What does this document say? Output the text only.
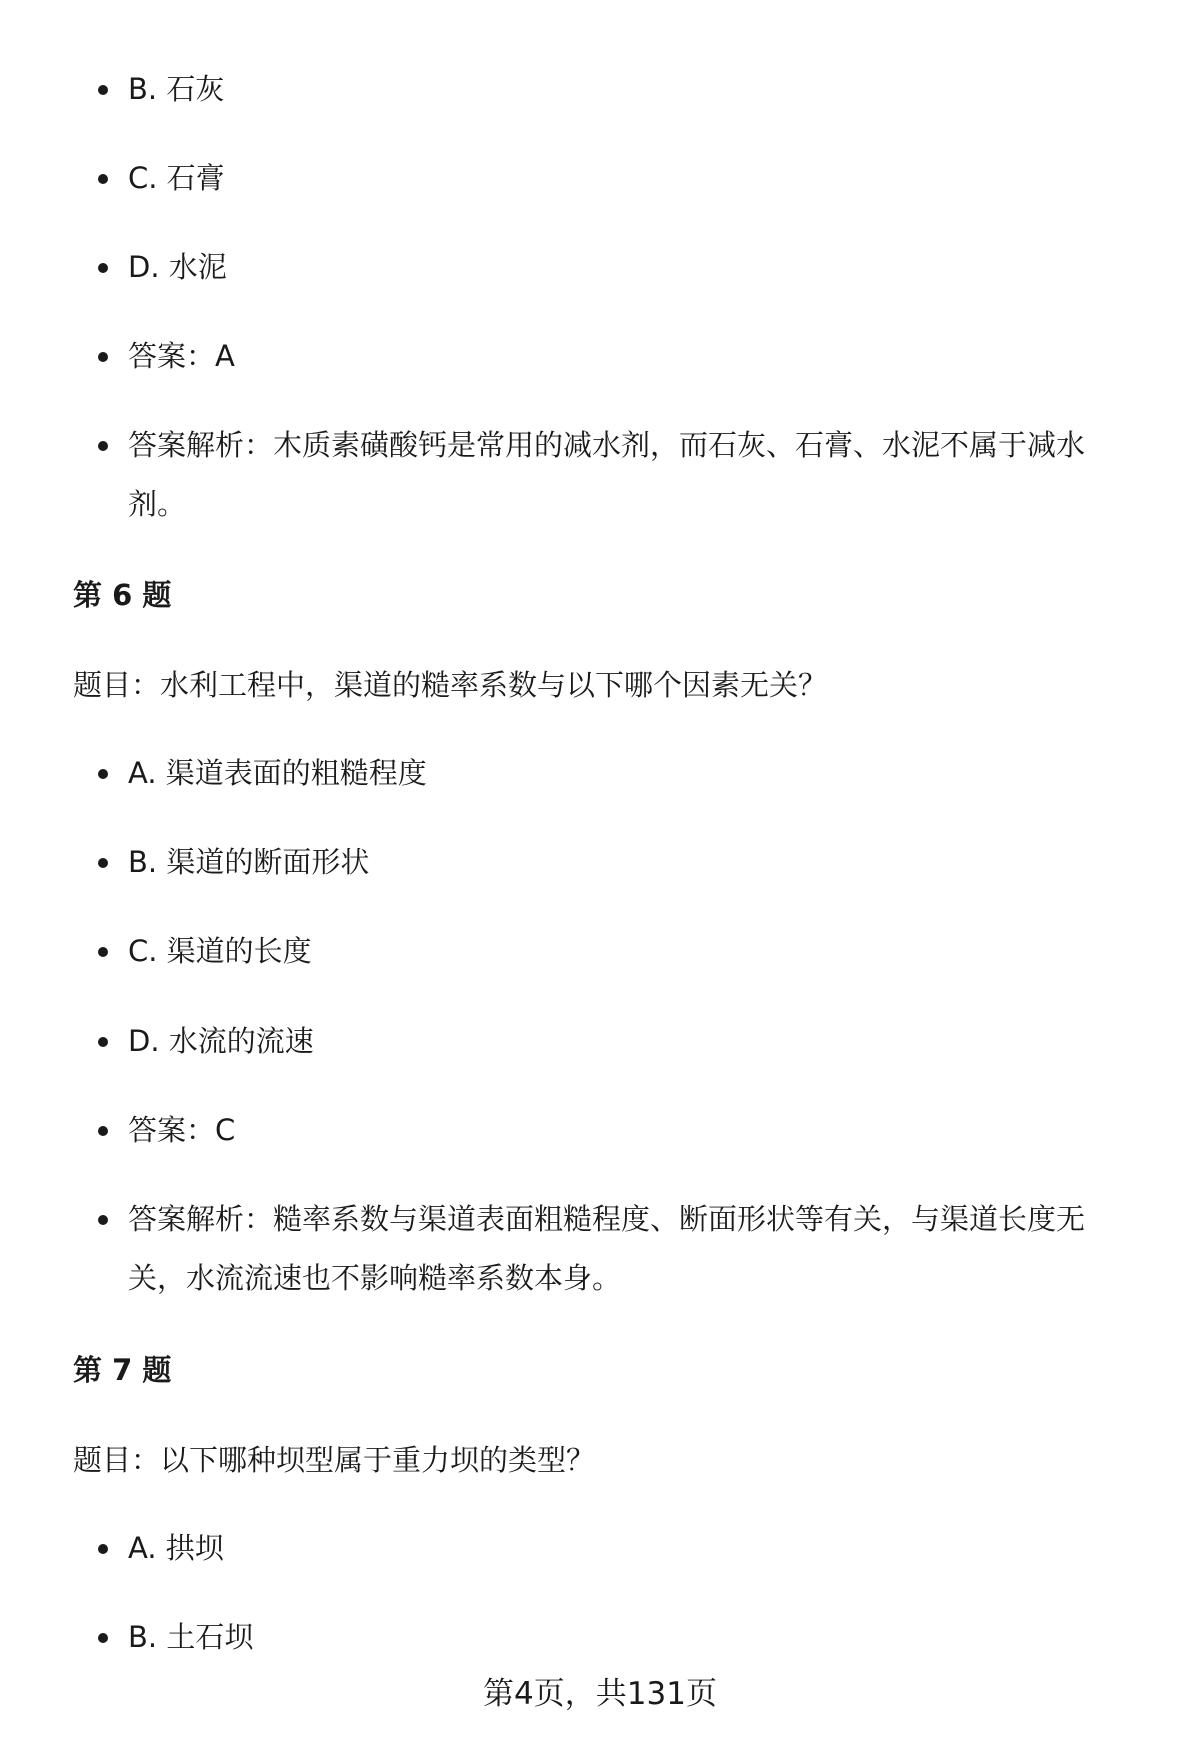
B. 石灰
C. 石膏
D. 水泥
答案：A
答案解析：木质素磺酸钙是常用的减水剂，而石灰、石膏、水泥不属于减水剂。
第 6 题
题目：水利工程中，渠道的糙率系数与以下哪个因素无关？
A. 渠道表面的粗糙程度
B. 渠道的断面形状
C. 渠道的长度
D. 水流的流速
答案：C
答案解析：糙率系数与渠道表面粗糙程度、断面形状等有关，与渠道长度无关，水流流速也不影响糙率系数本身。
第 7 题
题目：以下哪种坝型属于重力坝的类型？
A. 拱坝
B. 土石坝
第4页，共131页
